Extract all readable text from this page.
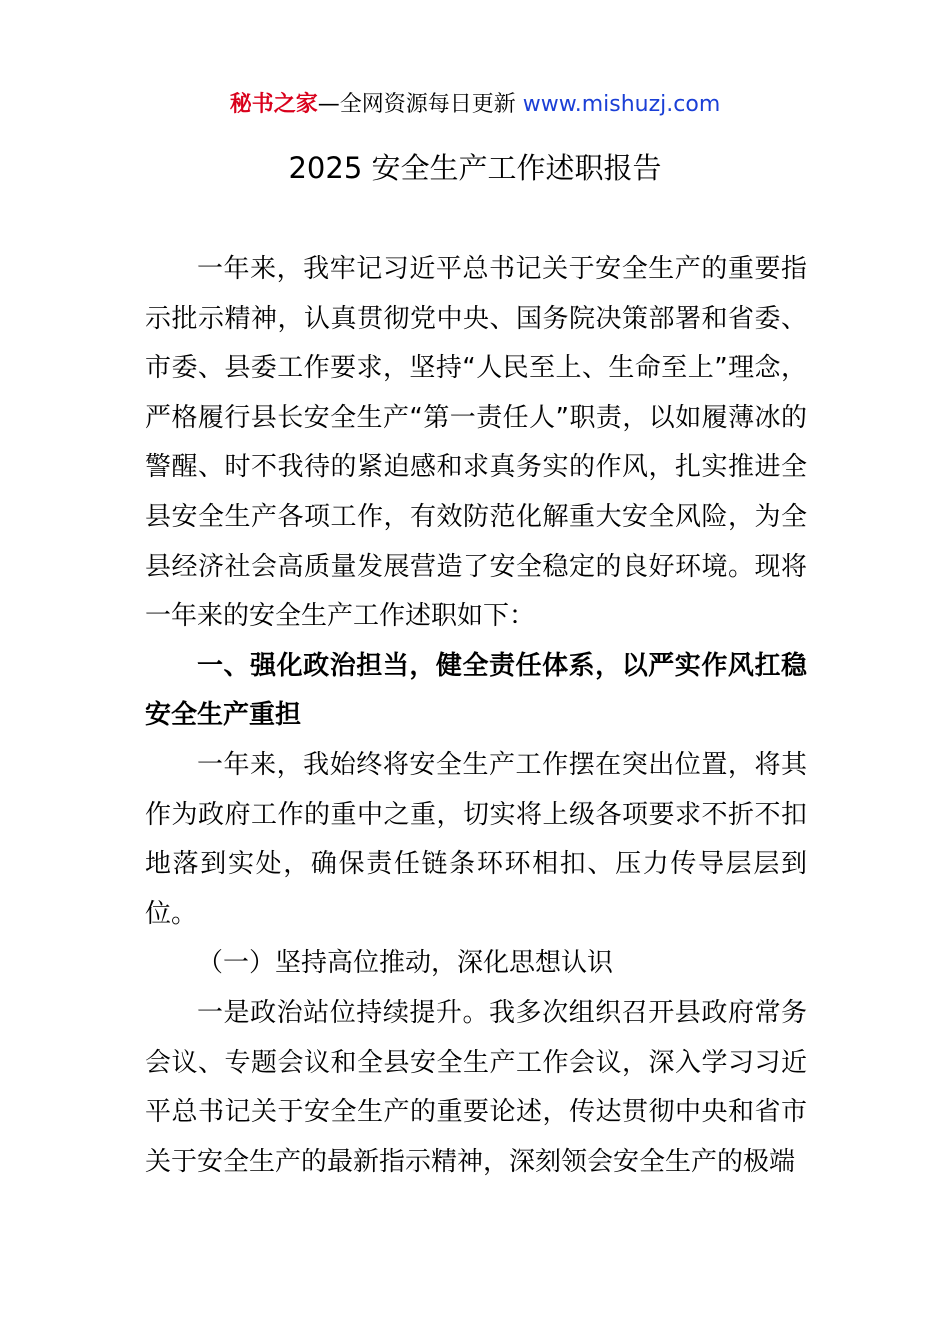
秘书之家—全网资源每日更新 www.mishuzj.com
2025 安全生产工作述职报告

一年来，我牢记习近平总书记关于安全生产的重要指示批示精神，认真贯彻党中央、国务院决策部署和省委、市委、县委工作要求，坚持“人民至上、生命至上”理念，严格履行县长安全生产“第一责任人”职责，以如履薄冰的警醒、时不我待的紧迫感和求真务实的作风，扎实推进全县安全生产各项工作，有效防范化解重大安全风险，为全县经济社会高质量发展营造了安全稳定的良好环境。现将一年来的安全生产工作述职如下：

一、强化政治担当，健全责任体系，以严实作风扛稳安全生产重担

一年来，我始终将安全生产工作摆在突出位置，将其作为政府工作的重中之重，切实将上级各项要求不折不扣地落到实处，确保责任链条环环相扣、压力传导层层到位。

（一）坚持高位推动，深化思想认识

一是政治站位持续提升。我多次组织召开县政府常务会议、专题会议和全县安全生产工作会议，深入学习习近平总书记关于安全生产的重要论述，传达贯彻中央和省市关于安全生产的最新指示精神，深刻领会安全生产的极端
